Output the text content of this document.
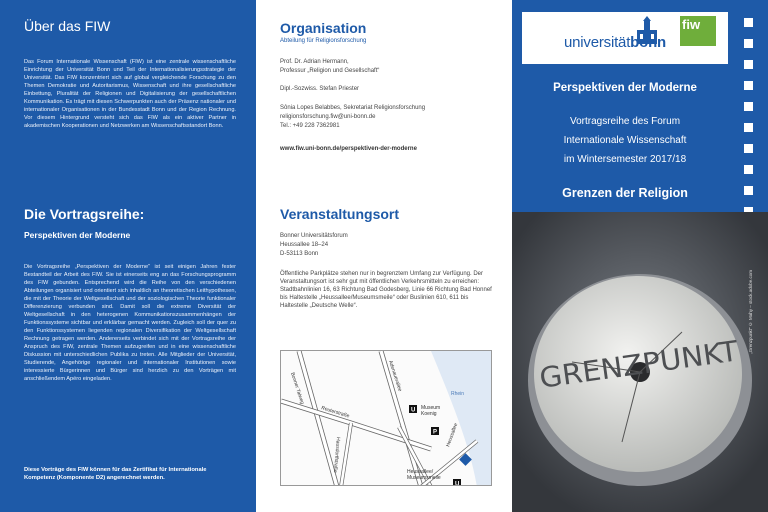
Über das FIW

Das Forum Internationale Wissenschaft (FIW) ist eine zentrale wissenschaftliche Einrichtung der Universität Bonn und Teil der Internationalisierungsstrategie der Universität. Das FIW konzentriert sich auf global vergleichende Forschung zu den Themen Demokratie und Autoritarismus, Wissenschaft und ihre gesellschaftliche Einbettung, Pluralität der Religionen und Digitalisierung der gesellschaftlichen Kommunikation. Es trägt mit diesen Schwerpunkten auch der Präsenz nationaler und internationaler Organisationen in der Bundesstadt Bonn und der Region Rechnung. Vor diesem Hintergrund versteht sich das FIW als ein aktiver Partner in akademischen Kooperationen und Netzwerken am Wissenschaftsstandort Bonn.

Die Vortragsreihe:
Perspektiven der Moderne

Die Vortragsreihe „Perspektiven der Moderne“ ist seit einigen Jahren fester Bestandteil der Arbeit des FIW. Sie ist einerseits eng an das Forschungsprogramm des FIW gebunden. Entsprechend wird die Reihe von den verschiedenen Abteilungen organisiert und orientiert sich inhaltlich an theoretischen Leithypothesen, die mit der Theorie der Weltgesellschaft und der soziologischen Theorie funktionaler Differenzierung verbunden sind. Damit soll die extreme Diversität der Weltgesellschaft in den heterogenen Kommunikationszusammenhängen der Funktionssysteme sichtbar und erklärbar gemacht werden. Zugleich soll der quer zu den Funktionssystemen liegenden regionalen Diversifikation der Weltgesellschaft Rechnung getragen werden. Andererseits verbindet sich mit der Vortragsreihe der Anspruch des FIW, zentrale Themen aufzugreifen und in eine wissenschaftliche Diskussion mit unterschiedlichen Publika zu treten. Alle Mitglieder der Universität, Studierende, Angehörige regionaler und internationaler Institutionen sowie interessierte Bürgerinnen und Bürger sind herzlich zu den Vorträgen mit anschließendem Apéro eingeladen.

Diese Vorträge des FIW können für das Zertifikat für Internationale Kompetenz (Komponente D2) angerechnet werden.

Organisation
Abteilung für Religionsforschung
Prof. Dr. Adrian Hermann,
Professur „Religion und Gesellschaft“
Dipl.-Sozwiss. Stefan Priester
Sônia Lopes Belabbes, Sekretariat Religionsforschung
religionsforschung.fiw@uni-bonn.de
Tel.: +49 228 7362981
www.fiw.uni-bonn.de/perspektiven-der-moderne
Veranstaltungsort
Bonner Universitätsforum
Heussallee 18–24
D-53113 Bonn

Öffentliche Parkplätze stehen nur in begrenztem Umfang zur Verfügung. Der Veranstaltungsort ist sehr gut mit öffentlichen Verkehrsmitteln zu erreichen: Stadtbahnlinien 16, 63 Richtung Bad Godesberg, Linie 66 Richtung Bad Honnef bis Haltestelle „Heussallee/Museumsmeile“ oder Buslinien 610, 611 bis Haltestelle „Deutsche Welle“.

Bonner Talweg	Adenauerallee
Reuterstraße
Hausdorffstraße
Heussallee
Rhein
U Museum
Koenig
P
U
Heussallee/
Museumsmeile
universitätbonn
fiw
Perspektiven der Moderne
Vortragsreihe des Forum
Internationale Wissenschaft
im Wintersemester 2017/18
Grenzen der Religion
GRENZPUNKT
„Grenzpunkt“ © Mahy – stock.adobe.com
